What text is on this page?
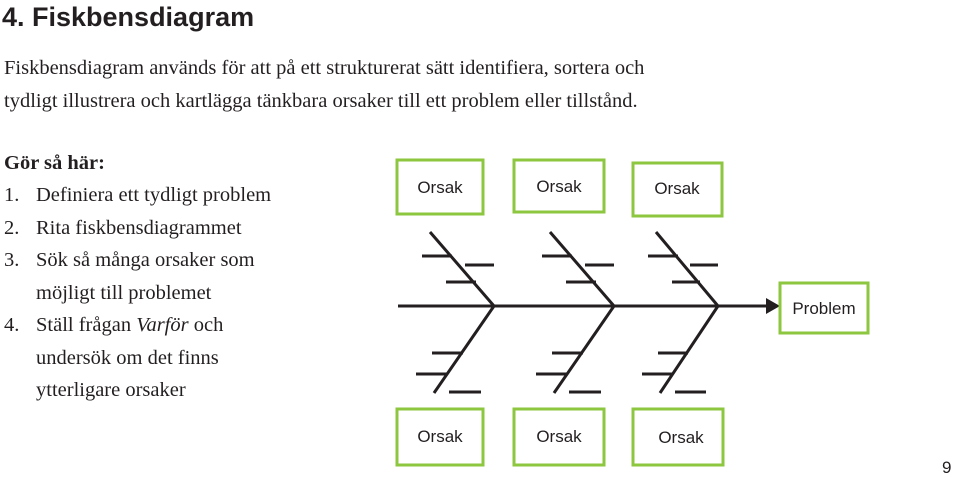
4. Fiskbensdiagram

Fiskbensdiagram används för att på ett strukturerat sätt identifiera, sortera och
tydligt illustrera och kartlägga tänkbara orsaker till ett problem eller tillstånd.

Gör så här:
1. Definiera ett tydligt problem
2. Rita fiskbensdiagrammet
3. Sök så många orsaker som
möjligt till problemet
4. Ställ frågan Varför och
undersök om det finns
ytterligare orsaker
Orsak	Orsak	Orsak
Orsak	Orsak	Orsak
Problem
9
